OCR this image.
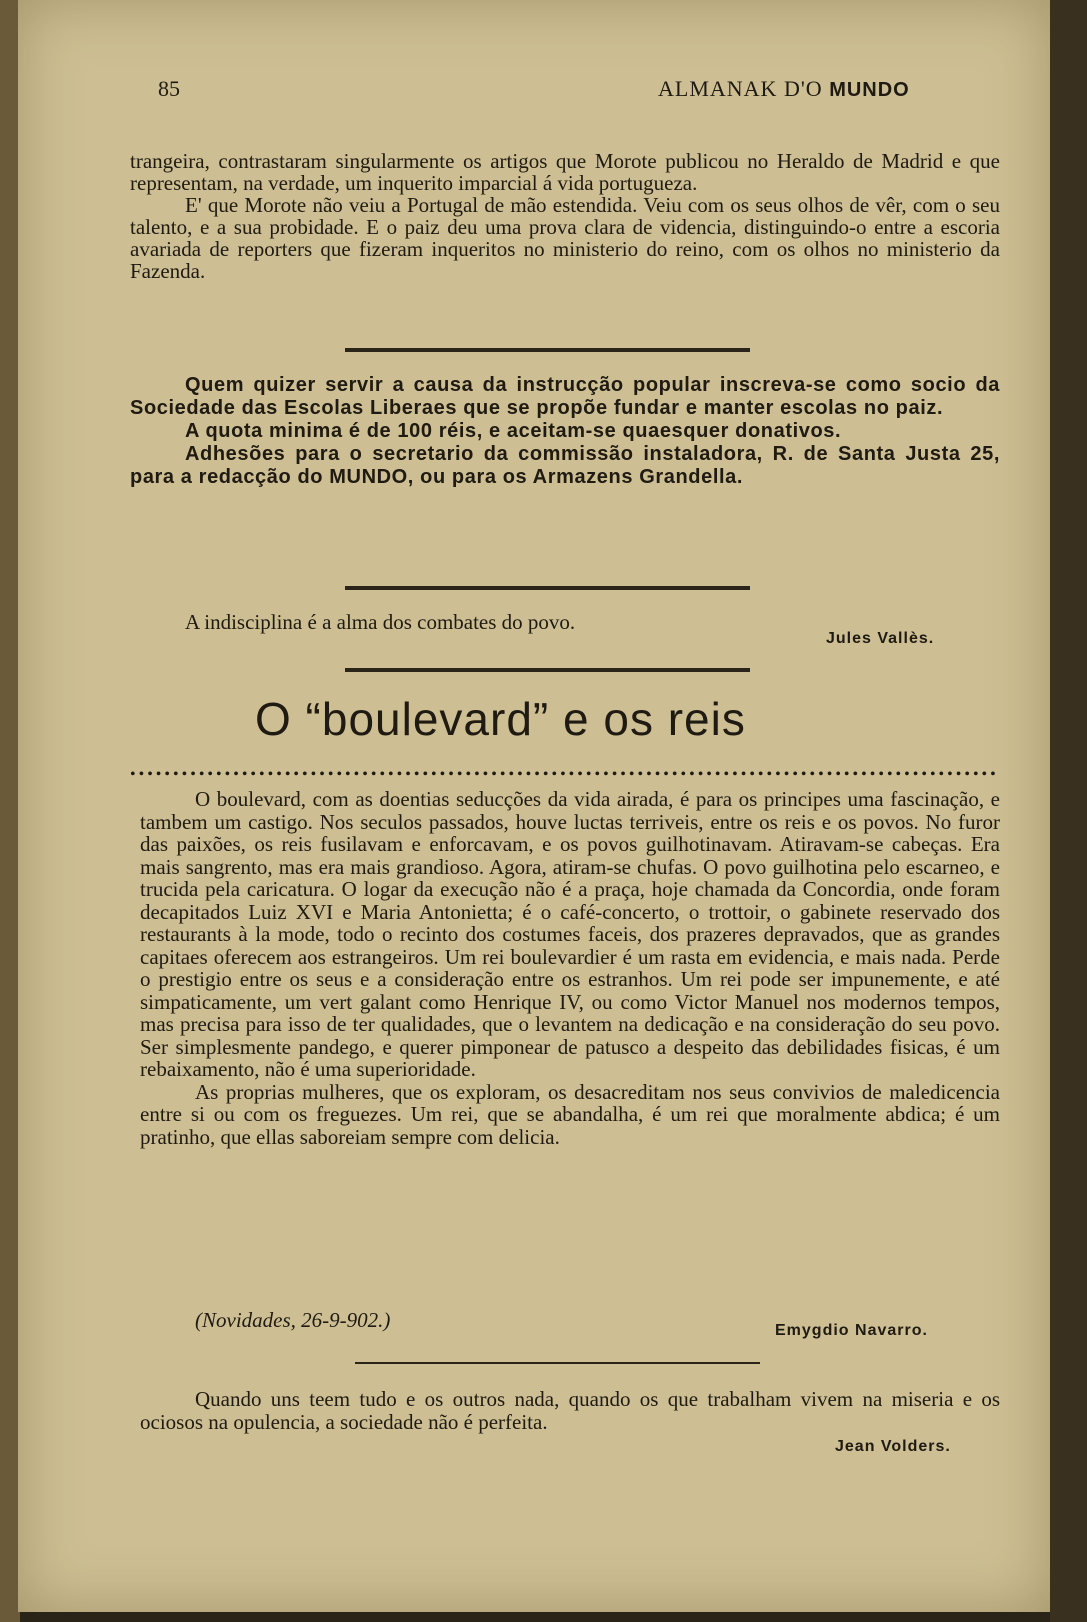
85	ALMANAK D'O MUNDO

trangeira, contrastaram singularmente os artigos que Morote publicou no Heraldo de Madrid e que representam, na verdade, um inquerito imparcial á vida portugueza.

E' que Morote não veiu a Portugal de mão estendida. Veiu com os seus olhos de vêr, com o seu talento, e a sua probidade. E o paiz deu uma prova clara de videncia, distinguindo-o entre a escoria avariada de reporters que fizeram inqueritos no ministerio do reino, com os olhos no ministerio da Fazenda.

Quem quizer servir a causa da instrucção popular inscreva-se como socio da Sociedade das Escolas Liberaes que se propõe fundar e manter escolas no paiz.

A quota minima é de 100 réis, e aceitam-se quaesquer donativos.

Adhesões para o secretario da commissão instaladora, R. de Santa Justa 25, para a redacção do MUNDO, ou para os Armazens Grandella.

A indisciplina é a alma dos combates do povo.
Jules Vallès.
O “boulevard” e os reis
•••••••••••••••••••••••••••••••••••••••••••••••••••••••••••••••••••••••••••••••••••••••••••••••••••••

O boulevard, com as doentias seducções da vida airada, é para os principes uma fascinação, e tambem um castigo. Nos seculos passados, houve luctas terriveis, entre os reis e os povos. No furor das paixões, os reis fusilavam e enforcavam, e os povos guilhotinavam. Atiravam-se cabeças. Era mais sangrento, mas era mais grandioso. Agora, atiram-se chufas. O povo guilhotina pelo escarneo, e trucida pela caricatura. O logar da execução não é a praça, hoje chamada da Concordia, onde foram decapitados Luiz XVI e Maria Antonietta; é o café-concerto, o trottoir, o gabinete reservado dos restaurants à la mode, todo o recinto dos costumes faceis, dos prazeres depravados, que as grandes capitaes oferecem aos estrangeiros. Um rei boulevardier é um rasta em evidencia, e mais nada. Perde o prestigio entre os seus e a consideração entre os estranhos. Um rei pode ser impunemente, e até simpaticamente, um vert galant como Henrique IV, ou como Victor Manuel nos modernos tempos, mas precisa para isso de ter qualidades, que o levantem na dedicação e na consideração do seu povo. Ser simplesmente pandego, e querer pimponear de patusco a despeito das debilidades fisicas, é um rebaixamento, não é uma superioridade.

As proprias mulheres, que os exploram, os desacreditam nos seus convivios de maledicencia entre si ou com os freguezes. Um rei, que se abandalha, é um rei que moralmente abdica; é um pratinho, que ellas saboreiam sempre com delicia.

(Novidades, 26-9-902.)	Emygdio Navarro.

Quando uns teem tudo e os outros nada, quando os que trabalham vivem na miseria e os ociosos na opulencia, a sociedade não é perfeita.

Jean Volders.
